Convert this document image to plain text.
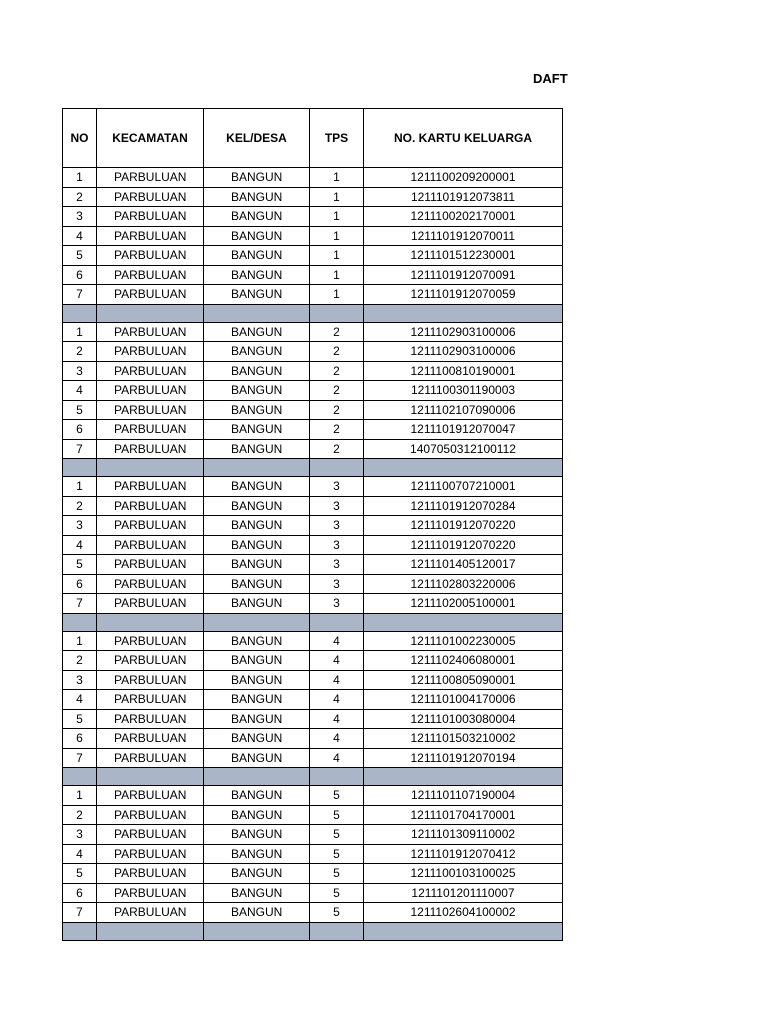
DAFT
NO	KECAMATAN	KEL/DESA	TPS	NO. KARTU KELUARGA
1	PARBULUAN	BANGUN	1	1211100209200001
2	PARBULUAN	BANGUN	1	1211101912073811
3	PARBULUAN	BANGUN	1	1211100202170001
4	PARBULUAN	BANGUN	1	1211101912070011
5	PARBULUAN	BANGUN	1	1211101512230001
6	PARBULUAN	BANGUN	1	1211101912070091
7	PARBULUAN	BANGUN	1	1211101912070059

1	PARBULUAN	BANGUN	2	1211102903100006
2	PARBULUAN	BANGUN	2	1211102903100006
3	PARBULUAN	BANGUN	2	1211100810190001
4	PARBULUAN	BANGUN	2	1211100301190003
5	PARBULUAN	BANGUN	2	1211102107090006
6	PARBULUAN	BANGUN	2	1211101912070047
7	PARBULUAN	BANGUN	2	1407050312100112

1	PARBULUAN	BANGUN	3	1211100707210001
2	PARBULUAN	BANGUN	3	1211101912070284
3	PARBULUAN	BANGUN	3	1211101912070220
4	PARBULUAN	BANGUN	3	1211101912070220
5	PARBULUAN	BANGUN	3	1211101405120017
6	PARBULUAN	BANGUN	3	1211102803220006
7	PARBULUAN	BANGUN	3	1211102005100001

1	PARBULUAN	BANGUN	4	1211101002230005
2	PARBULUAN	BANGUN	4	1211102406080001
3	PARBULUAN	BANGUN	4	1211100805090001
4	PARBULUAN	BANGUN	4	1211101004170006
5	PARBULUAN	BANGUN	4	1211101003080004
6	PARBULUAN	BANGUN	4	1211101503210002
7	PARBULUAN	BANGUN	4	1211101912070194

1	PARBULUAN	BANGUN	5	1211101107190004
2	PARBULUAN	BANGUN	5	1211101704170001
3	PARBULUAN	BANGUN	5	1211101309110002
4	PARBULUAN	BANGUN	5	1211101912070412
5	PARBULUAN	BANGUN	5	1211100103100025
6	PARBULUAN	BANGUN	5	1211101201110007
7	PARBULUAN	BANGUN	5	1211102604100002
